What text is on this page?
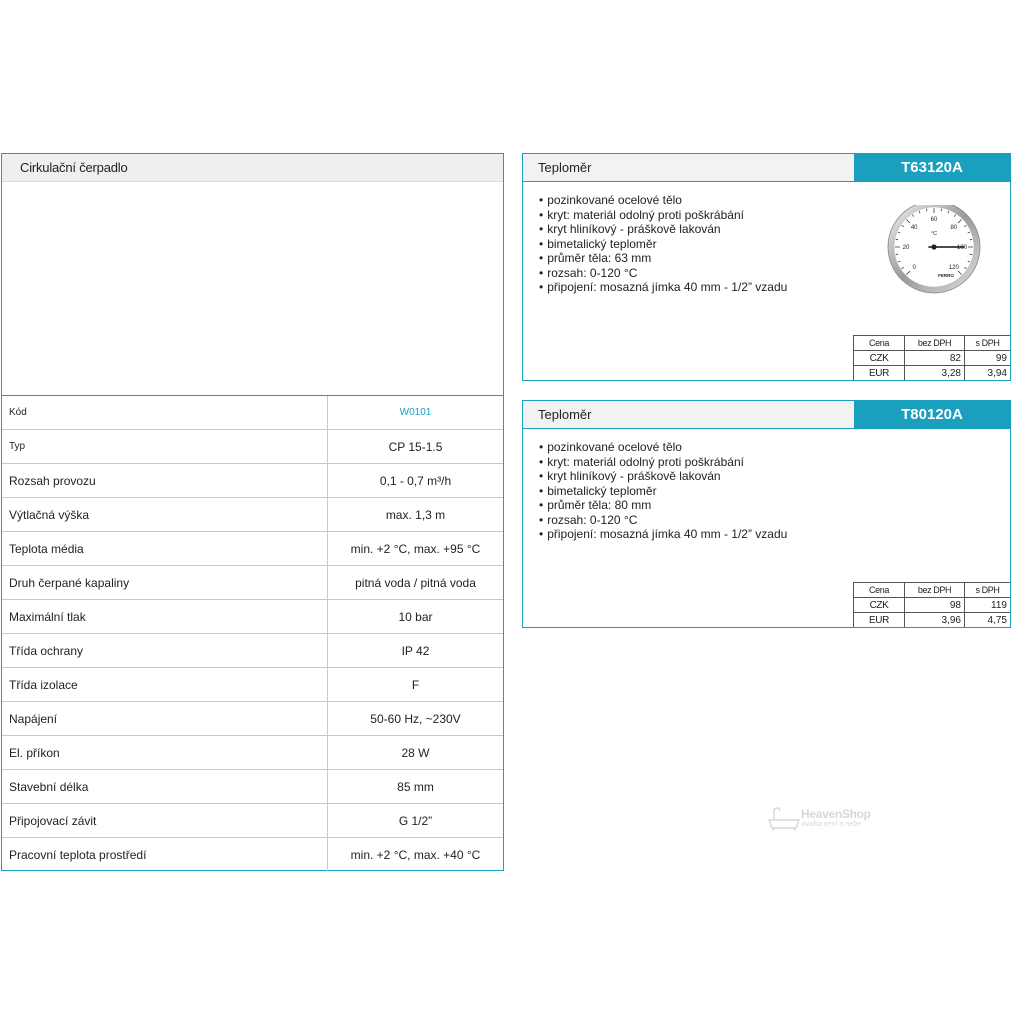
Cirkulační čerpadlo
Kód	W0101
Typ	CP 15-1.5
Rozsah provozu	0,1 - 0,7 m³/h
Výtlačná výška	max. 1,3 m
Teplota média	min. +2 °C, max. +95 °C
Druh čerpané kapaliny	pitná voda / pitná voda
Maximální tlak	10 bar
Třída ochrany	IP 42
Třída izolace	F
Napájení	50-60 Hz, ~230V
El. příkon	28 W
Stavební délka	85 mm
Připojovací závit	G 1/2”
Pracovní teplota prostředí	min. +2 °C, max. +40 °C
Teploměr	T63120A
• pozinkované ocelové tělo
• kryt: materiál odolný proti poškrábání
• kryt hliníkový - práškově lakován
• bimetalický teploměr
• průměr těla: 63 mm
• rozsah: 0-120 °C
• připojení: mosazná jímka 40 mm - 1/2” vzadu
0
20
40
60
80
100
120
°C
FERRO
Cena	bez DPH	s DPH
CZK	82	99
EUR	3,28	3,94
Teploměr	T80120A
• pozinkované ocelové tělo
• kryt: materiál odolný proti poškrábání
• kryt hliníkový - práškově lakován
• bimetalický teploměr
• průměr těla: 80 mm
• rozsah: 0-120 °C
• připojení: mosazná jímka 40 mm - 1/2” vzadu
Cena	bez DPH	s DPH
CZK	98	119
EUR	3,96	4,75
HeavenShop
kvalita není o nebe
